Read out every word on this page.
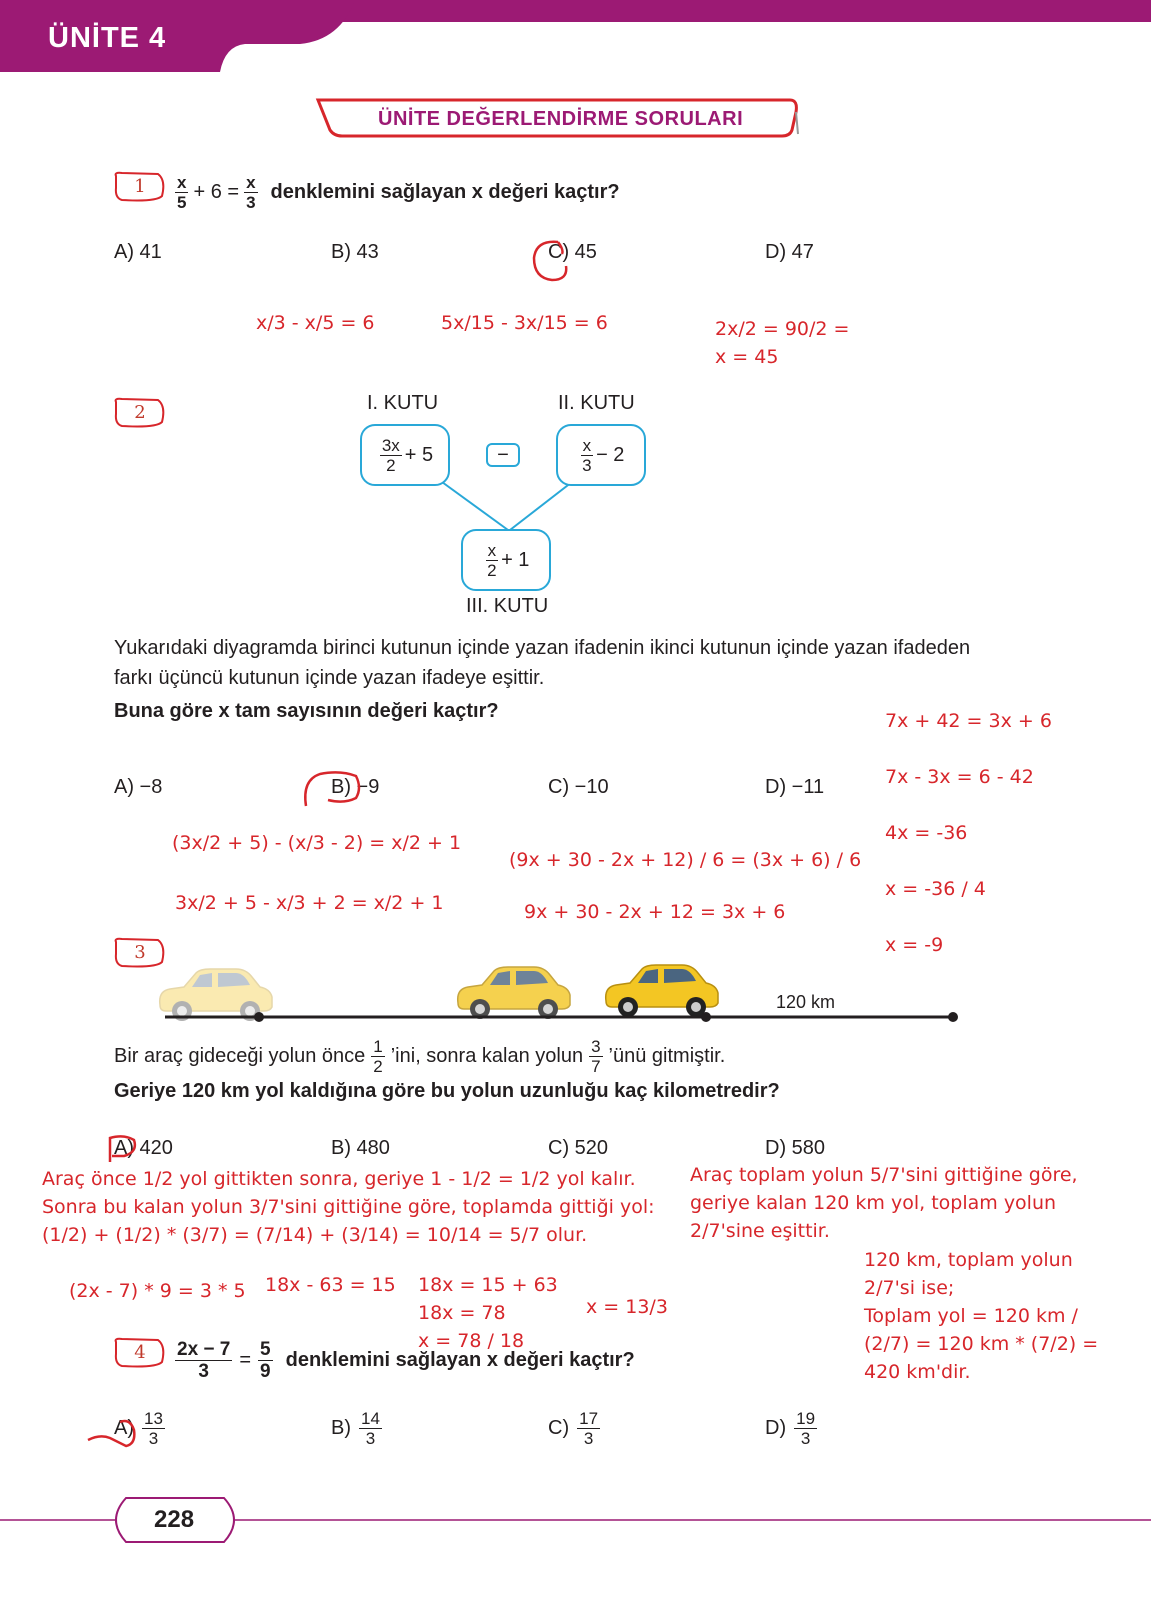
ÜNİTE 4
ÜNİTE DEĞERLENDİRME SORULARI
1	$\frac{x}{5} + 6 = \frac{x}{3}$ denklemini sağlayan x değeri kaçtır?
A) 41	B) 43	C) 45	D) 47
x/3 - x/5 = 6	5x/15 - 3x/15 = 6	2x/2 = 90/2 =
x = 45
2	I. KUTU	II. KUTU
$\frac{3x}{2} + 5$	−	$\frac{x}{3} - 2$
$\frac{x}{2} + 1$
III. KUTU
Yukarıdaki diyagramda birinci kutunun içinde yazan ifadenin ikinci kutunun içinde yazan ifadeden
farkı üçüncü kutunun içinde yazan ifadeye eşittir.
Buna göre x tam sayısının değeri kaçtır?
A) −8	B) −9	C) −10	D) −11
(3x/2 + 5) - (x/3 - 2) = x/2 + 1
3x/2 + 5 - x/3 + 2 = x/2 + 1
(9x + 30 - 2x + 12) / 6 = (3x + 6) / 6
9x + 30 - 2x + 12 = 3x + 6
7x + 42 = 3x + 6
7x - 3x = 6 - 42
4x = -36
x = -36 / 4
x = -9
3
120 km
Bir araç gideceği yolun önce $\frac{1}{2}$ ’ini, sonra kalan yolun $\frac{3}{7}$ ’ünü gitmiştir.
Geriye 120 km yol kaldığına göre bu yolun uzunluğu kaç kilometredir?
A) 420	B) 480	C) 520	D) 580
Araç önce 1/2 yol gittikten sonra, geriye 1 - 1/2 = 1/2 yol kalır.
Sonra bu kalan yolun 3/7'sini gittiğine göre, toplamda gittiği yol:
(1/2) + (1/2) * (3/7) = (7/14) + (3/14) = 10/14 = 5/7 olur.
Araç toplam yolun 5/7'sini gittiğine göre,
geriye kalan 120 km yol, toplam yolun
2/7'sine eşittir.
120 km, toplam yolun
2/7'si ise;
Toplam yol = 120 km /
(2/7) = 120 km * (7/2) =
420 km'dir.
(2x - 7) * 9 = 3 * 5 18x - 63 = 15 18x = 15 + 63
18x = 78
x = 78 / 18
x = 13/3
4	$\frac{2x - 7}{3} = \frac{5}{9}$ denklemini sağlayan x değeri kaçtır?
$A) \frac{13}{3}$	$B) \frac{14}{3}$	$C) \frac{17}{3}$	$D) \frac{19}{3}$
228
